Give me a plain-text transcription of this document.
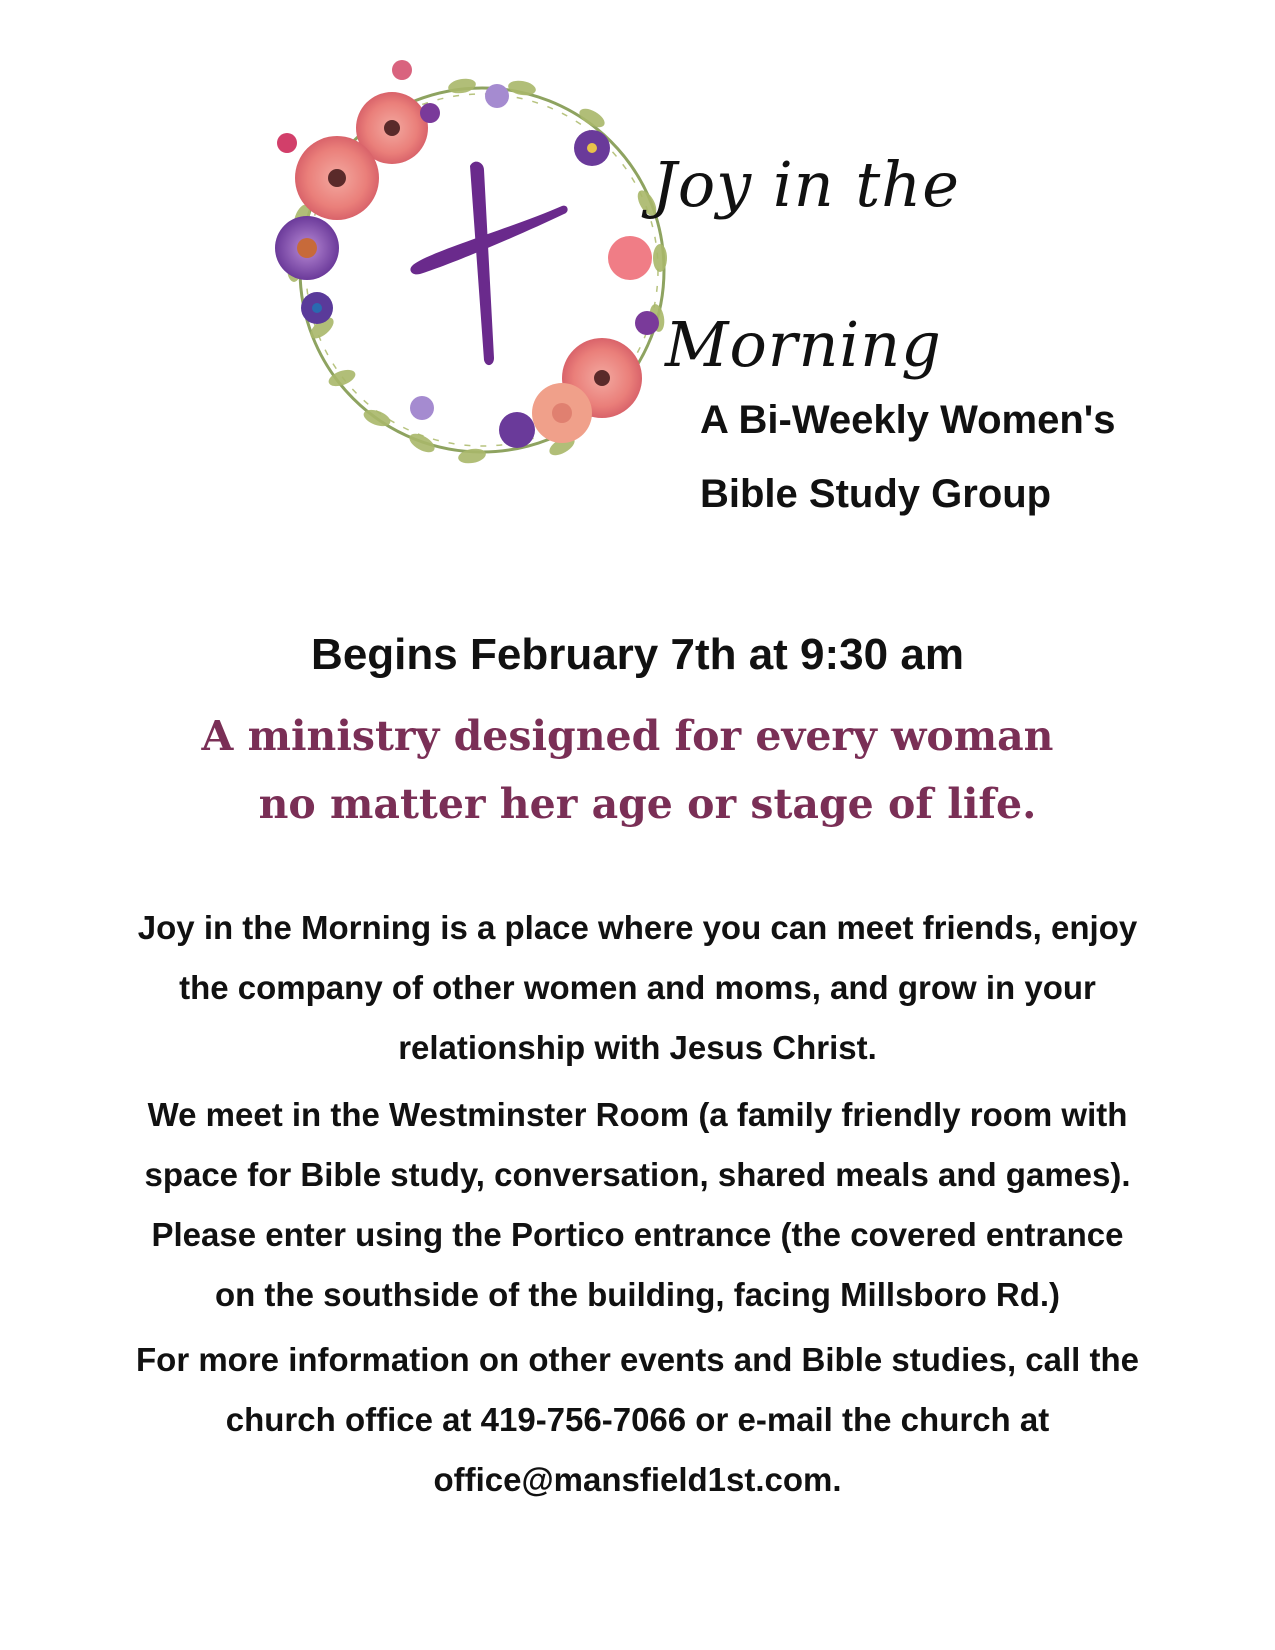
Joy in the
Morning
A Bi-Weekly Women's
Bible Study Group
Begins February 7th at 9:30 am
A ministry designed for every woman
no matter her age or stage of life.
Joy in the Morning is a place where you can meet friends, enjoy
the company of other women and moms, and grow in your
relationship with Jesus Christ.
We meet in the Westminster Room (a family friendly room with
space for Bible study, conversation, shared meals and games).
Please enter using the Portico entrance (the covered entrance
on the southside of the building, facing Millsboro Rd.)
For more information on other events and Bible studies, call the
church office at 419-756-7066 or e-mail the church at
office@mansfield1st.com.
